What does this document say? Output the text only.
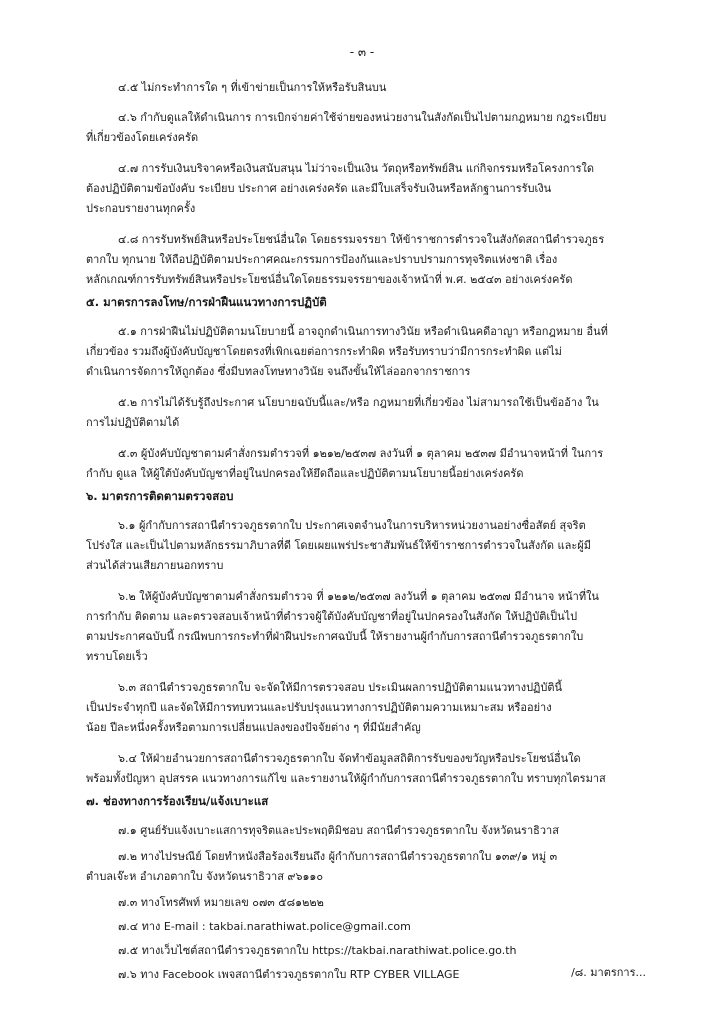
- ๓ -
๔.๕ ไม่กระทำการใด ๆ ที่เข้าข่ายเป็นการให้หรือรับสินบน
๔.๖ กำกับดูแลให้ดำเนินการ การเบิกจ่ายค่าใช้จ่ายของหน่วยงานในสังกัดเป็นไปตามกฎหมาย กฎระเบียบ
ที่เกี่ยวข้องโดยเคร่งครัด
๔.๗ การรับเงินบริจาคหรือเงินสนับสนุน ไม่ว่าจะเป็นเงิน วัตถุหรือทรัพย์สิน แก่กิจกรรมหรือโครงการใด
ต้องปฏิบัติตามข้อบังคับ ระเบียบ ประกาศ อย่างเคร่งครัด และมีใบเสร็จรับเงินหรือหลักฐานการรับเงิน
ประกอบรายงานทุกครั้ง
๔.๘ การรับทรัพย์สินหรือประโยชน์อื่นใด โดยธรรมจรรยา ให้ข้าราชการตำรวจในสังกัดสถานีตำรวจภูธร
ตากใบ ทุกนาย ให้ถือปฏิบัติตามประกาศคณะกรรมการป้องกันและปราบปรามการทุจริตแห่งชาติ เรื่อง
หลักเกณฑ์การรับทรัพย์สินหรือประโยชน์อื่นใดโดยธรรมจรรยาของเจ้าหน้าที่ พ.ศ. ๒๕๔๓ อย่างเคร่งครัด
๕. มาตรการลงโทษ/การฝ่าฝืนแนวทางการปฏิบัติ
๕.๑ การฝ่าฝืนไม่ปฏิบัติตามนโยบายนี้ อาจถูกดำเนินการทางวินัย หรือดำเนินคดีอาญา หรือกฎหมาย อื่นที่
เกี่ยวข้อง รวมถึงผู้บังคับบัญชาโดยตรงที่เพิกเฉยต่อการกระทำผิด หรือรับทราบว่ามีการกระทำผิด แต่ไม่
ดำเนินการจัดการให้ถูกต้อง ซึ่งมีบทลงโทษทางวินัย จนถึงขั้นให้ไล่ออกจากราชการ
๕.๒ การไม่ได้รับรู้ถึงประกาศ นโยบายฉบับนี้และ/หรือ กฎหมายที่เกี่ยวข้อง ไม่สามารถใช้เป็นข้ออ้าง ใน
การไม่ปฏิบัติตามได้
๕.๓ ผู้บังคับบัญชาตามคำสั่งกรมตำรวจที่ ๑๒๑๒/๒๕๓๗ ลงวันที่ ๑ ตุลาคม ๒๕๓๗ มีอำนาจหน้าที่ ในการ
กำกับ ดูแล ให้ผู้ใต้บังคับบัญชาที่อยู่ในปกครองให้ยึดถือและปฏิบัติตามนโยบายนี้อย่างเคร่งครัด
๖. มาตรการติดตามตรวจสอบ
๖.๑ ผู้กำกับการสถานีตำรวจภูธรตากใบ ประกาศเจตจำนงในการบริหารหน่วยงานอย่างซื่อสัตย์ สุจริต
โปร่งใส และเป็นไปตามหลักธรรมาภิบาลที่ดี โดยเผยแพร่ประชาสัมพันธ์ให้ข้าราชการตำรวจในสังกัด และผู้มี
ส่วนได้ส่วนเสียภายนอกทราบ
๖.๒ ให้ผู้บังคับบัญชาตามคำสั่งกรมตำรวจ ที่ ๑๒๑๒/๒๕๓๗ ลงวันที่ ๑ ตุลาคม ๒๕๓๗ มีอำนาจ หน้าที่ใน
การกำกับ ติดตาม และตรวจสอบเจ้าหน้าที่ตำรวจผู้ใต้บังคับบัญชาที่อยู่ในปกครองในสังกัด ให้ปฏิบัติเป็นไป
ตามประกาศฉบับนี้ กรณีพบการกระทำที่ฝ่าฝืนประกาศฉบับนี้ ให้รายงานผู้กำกับการสถานีตำรวจภูธรตากใบ
ทราบโดยเร็ว
๖.๓ สถานีตำรวจภูธรตากใบ จะจัดให้มีการตรวจสอบ ประเมินผลการปฏิบัติตามแนวทางปฏิบัตินี้
เป็นประจำทุกปี และจัดให้มีการทบทวนและปรับปรุงแนวทางการปฏิบัติตามความเหมาะสม หรืออย่าง
น้อย ปีละหนึ่งครั้งหรือตามการเปลี่ยนแปลงของปัจจัยต่าง ๆ ที่มีนัยสำคัญ
๖.๔ ให้ฝ่ายอำนวยการสถานีตำรวจภูธรตากใบ จัดทำข้อมูลสถิติการรับของขวัญหรือประโยชน์อื่นใด
พร้อมทั้งปัญหา อุปสรรค แนวทางการแก้ไข และรายงานให้ผู้กำกับการสถานีตำรวจภูธรตากใบ ทราบทุกไตรมาส
๗. ช่องทางการร้องเรียน/แจ้งเบาะแส
๗.๑ ศูนย์รับแจ้งเบาะแสการทุจริตและประพฤติมิชอบ สถานีตำรวจภูธรตากใบ จังหวัดนราธิวาส
๗.๒ ทางไปรษณีย์ โดยทำหนังสือร้องเรียนถึง ผู้กำกับการสถานีตำรวจภูธรตากใบ ๑๓๙/๑ หมู่ ๓
ตำบลเจ๊ะห อำเภอตากใบ จังหวัดนราธิวาส ๙๖๑๑๐
๗.๓ ทางโทรศัพท์ หมายเลข ๐๗๓ ๕๘๑๒๒๒
๗.๔ ทาง E-mail : takbai.narathiwat.police@gmail.com
๗.๕ ทางเว็บไซต์สถานีตำรวจภูธรตากใบ https://takbai.narathiwat.police.go.th
๗.๖ ทาง Facebook เพจสถานีตำรวจภูธรตากใบ RTP CYBER VILLAGE	/๘. มาตรการ...
